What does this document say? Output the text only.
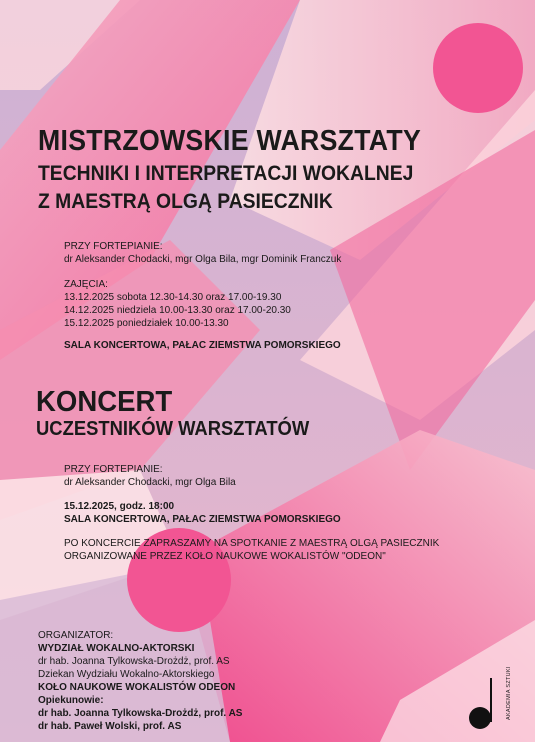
MISTRZOWSKIE WARSZTATY
TECHNIKI I INTERPRETACJI WOKALNEJ
Z MAESTRĄ OLGĄ PASIECZNIK
PRZY FORTEPIANIE:
dr Aleksander Chodacki, mgr Olga Bila, mgr Dominik Franczuk
ZAJĘCIA:
13.12.2025 sobota 12.30-14.30 oraz 17.00-19.30
14.12.2025 niedziela 10.00-13.30 oraz 17.00-20.30
15.12.2025 poniedziałek 10.00-13.30
SALA KONCERTOWA, PAŁAC ZIEMSTWA POMORSKIEGO
KONCERT
UCZESTNIKÓW WARSZTATÓW
PRZY FORTEPIANIE:
dr Aleksander Chodacki, mgr Olga Bila
15.12.2025, godz. 18:00
SALA KONCERTOWA, PAŁAC ZIEMSTWA POMORSKIEGO
PO KONCERCIE ZAPRASZAMY NA SPOTKANIE Z MAESTRĄ OLGĄ PASIECZNIK
ORGANIZOWANE PRZEZ KOŁO NAUKOWE WOKALISTÓW "ODEON"
ORGANIZATOR:
WYDZIAŁ WOKALNO-AKTORSKI
dr hab. Joanna Tylkowska-Drożdż, prof. AS
Dziekan Wydziału Wokalno-Aktorskiego
KOŁO NAUKOWE WOKALISTÓW ODEON
Opiekunowie:
dr hab. Joanna Tylkowska-Drożdż, prof. AS
dr hab. Paweł Wolski, prof. AS
AKADEMIA SZTUKI
